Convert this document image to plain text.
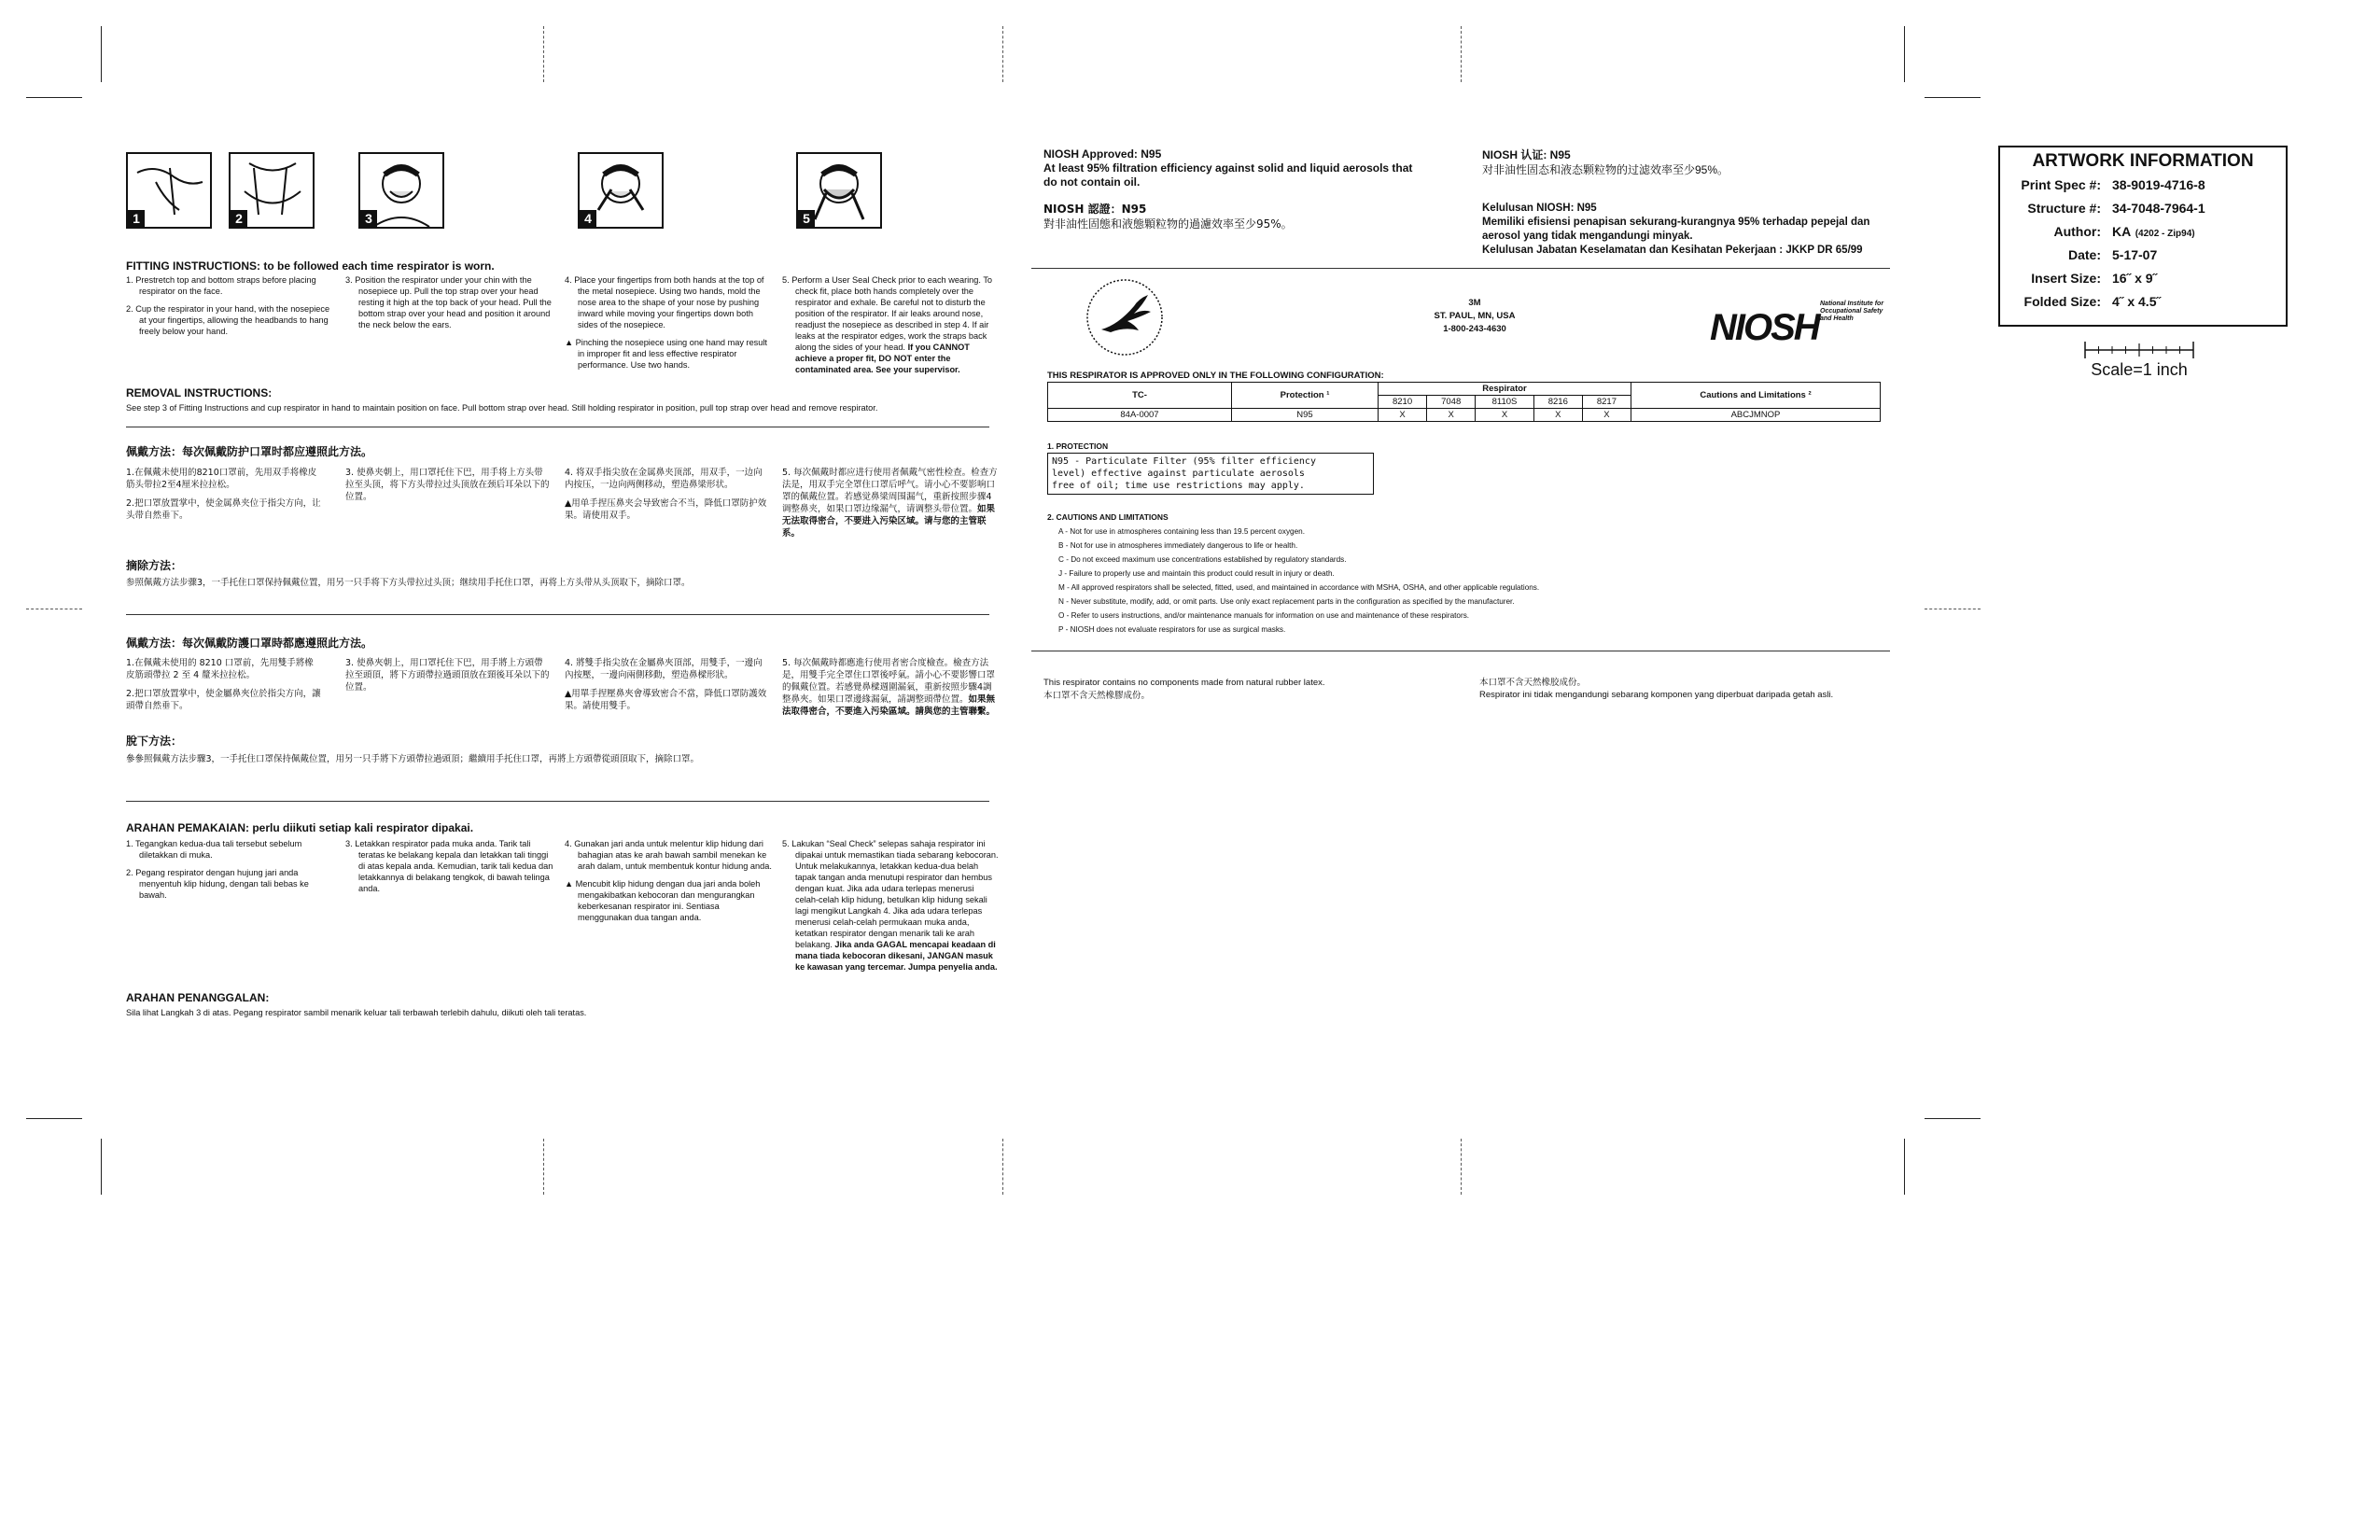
1	2	3	4	5
FITTING INSTRUCTIONS: to be followed each time respirator is worn.

1. Prestretch top and bottom straps before placing respirator on the face.

2. Cup the respirator in your hand, with the nosepiece at your fingertips, allowing the headbands to hang freely below your hand.

3. Position the respirator under your chin with the nosepiece up. Pull the top strap over your head resting it high at the top back of your head. Pull the bottom strap over your head and position it around the neck below the ears.

4. Place your fingertips from both hands at the top of the metal nosepiece. Using two hands, mold the nose area to the shape of your nose by pushing inward while moving your fingertips down both sides of the nosepiece.

▲ Pinching the nosepiece using one hand may result in improper fit and less effective respirator performance. Use two hands.

5. Perform a User Seal Check prior to each wearing. To check fit, place both hands completely over the respirator and exhale. Be careful not to disturb the position of the respirator. If air leaks around nose, readjust the nosepiece as described in step 4. If air leaks at the respirator edges, work the straps back along the sides of your head. If you CANNOT achieve a proper fit, DO NOT enter the contaminated area. See your supervisor.

REMOVAL INSTRUCTIONS:
See step 3 of Fitting Instructions and cup respirator in hand to maintain position on face. Pull bottom strap over head. Still holding respirator in position, pull top strap over head and remove respirator.
佩戴方法：每次佩戴防护口罩时都应遵照此方法。

1.在佩戴未使用的8210口罩前，先用双手将橡皮筋头带拉2至4厘米拉拉松。

2.把口罩放置掌中，使金属鼻夹位于指尖方向，让头带自然垂下。

3. 使鼻夹朝上，用口罩托住下巴，用手将上方头带拉至头顶，将下方头带拉过头顶放在颈后耳朵以下的位置。

4. 将双手指尖放在金属鼻夹顶部，用双手，一边向内按压，一边向两侧移动，塑造鼻梁形状。

▲用单手捏压鼻夹会导致密合不当，降低口罩防护效果。请使用双手。

5. 每次佩戴时都应进行使用者佩戴气密性检查。检查方法是，用双手完全罩住口罩后呼气。请小心不要影响口罩的佩戴位置。若感觉鼻梁周围漏气，重新按照步骤4调整鼻夹，如果口罩边缘漏气，请调整头带位置。如果无法取得密合，不要进入污染区域。请与您的主管联系。

摘除方法：
参照佩戴方法步骤3，一手托住口罩保持佩戴位置，用另一只手将下方头带拉过头顶；继续用手托住口罩，再将上方头带从头顶取下，摘除口罩。
佩戴方法：每次佩戴防護口罩時都應遵照此方法。

1.在佩戴未使用的 8210 口罩前，先用雙手將橡皮筋頭帶拉 2 至 4 釐米拉拉松。

2.把口罩放置掌中，使金屬鼻夾位於指尖方向，讓頭帶自然垂下。

3. 使鼻夾朝上，用口罩托住下巴，用手將上方頭帶拉至頭頂，將下方頭帶拉過頭頂放在頸後耳朵以下的位置。

4. 將雙手指尖放在金屬鼻夾頂部，用雙手，一邊向內按壓，一邊向兩側移動，塑造鼻樑形狀。

▲用單手捏壓鼻夾會導致密合不當，降低口罩防護效果。請使用雙手。

5. 每次佩戴時都應進行使用者密合度檢查。檢查方法是，用雙手完全罩住口罩後呼氣。請小心不要影響口罩的佩戴位置。若感覺鼻樑週圍漏氣，重新按照步驟4調整鼻夾。如果口罩邊緣漏氣，請調整頭帶位置。如果無法取得密合，不要進入污染區域。請與您的主管聯繫。

脫下方法：
參參照佩戴方法步驟3，一手托住口罩保持佩戴位置，用另一只手將下方頭帶拉過頭頂；繼續用手托住口罩，再將上方頭帶從頭頂取下，摘除口罩。
ARAHAN PEMAKAIAN: perlu diikuti setiap kali respirator dipakai.

1. Tegangkan kedua-dua tali tersebut sebelum diletakkan di muka.

2. Pegang respirator dengan hujung jari anda menyentuh klip hidung, dengan tali bebas ke bawah.

3. Letakkan respirator pada muka anda. Tarik tali teratas ke belakang kepala dan letakkan tali tinggi di atas kepala anda. Kemudian, tarik tali kedua dan letakkannya di belakang tengkok, di bawah telinga anda.

4. Gunakan jari anda untuk melentur klip hidung dari bahagian atas ke arah bawah sambil menekan ke arah dalam, untuk membentuk kontur hidung anda.

▲ Mencubit klip hidung dengan dua jari anda boleh mengakibatkan kebocoran dan mengurangkan keberkesanan respirator ini. Sentiasa menggunakan dua tangan anda.

5. Lakukan “Seal Check” selepas sahaja respirator ini dipakai untuk memastikan tiada sebarang kebocoran. Untuk melakukannya, letakkan kedua-dua belah tapak tangan anda menutupi respirator dan hembus dengan kuat. Jika ada udara terlepas menerusi celah-celah klip hidung, betulkan klip hidung sekali lagi mengikut Langkah 4. Jika ada udara terlepas menerusi celah-celah permukaan muka anda, ketatkan respirator dengan menarik tali ke arah belakang. Jika anda GAGAL mencapai keadaan di mana tiada kebocoran dikesani, JANGAN masuk ke kawasan yang tercemar. Jumpa penyelia anda.

ARAHAN PENANGGALAN:
Sila lihat Langkah 3 di atas. Pegang respirator sambil menarik keluar tali terbawah terlebih dahulu, diikuti oleh tali teratas.
NIOSH Approved: N95
At least 95% filtration efficiency against solid and liquid aerosols that do not contain oil.
NIOSH 認證：N95
對非油性固態和液態顆粒物的過濾效率至少95%。
NIOSH 认证: N95
对非油性固态和液态颗粒物的过滤效率至少95%。
Kelulusan NIOSH: N95
Memiliki efisiensi penapisan sekurang-kurangnya 95% terhadap pepejal dan aerosol yang tidak mengandungi minyak.
Kelulusan Jabatan Keselamatan dan Kesihatan Pekerjaan : JKKP DR 65/99
3M
ST. PAUL, MN, USA
1-800-243-4630	NIOSH
National Institute for Occupational Safety and Health
THIS RESPIRATOR IS APPROVED ONLY IN THE FOLLOWING CONFIGURATION:
TC-	Protection ¹	Respirator					Cautions and Limitations ²
		8210	7048	8110S	8216	8217	
84A-0007	N95	X	X	X	X	X	ABCJMNOP
1. PROTECTION
N95 - Particulate Filter (95% filter efficiency
level) effective against particulate aerosols
free of oil; time use restrictions may apply.
2. CAUTIONS AND LIMITATIONS
A - Not for use in atmospheres containing less than 19.5 percent oxygen.
B - Not for use in atmospheres immediately dangerous to life or health.
C - Do not exceed maximum use concentrations established by regulatory standards.
J - Failure to properly use and maintain this product could result in injury or death.
M - All approved respirators shall be selected, fitted, used, and maintained in accordance with MSHA, OSHA, and other applicable regulations.
N - Never substitute, modify, add, or omit parts. Use only exact replacement parts in the configuration as specified by the manufacturer.
O - Refer to users instructions, and/or maintenance manuals for information on use and maintenance of these respirators.
P - NIOSH does not evaluate respirators for use as surgical masks.
This respirator contains no components made from natural rubber latex.
本口罩不含天然橡膠成份。
本口罩不含天然橡胶成份。
Respirator ini tidak mengandungi sebarang komponen yang diperbuat daripada getah asli.
ARTWORK INFORMATION
Print Spec #: 38-9019-4716-8
Structure #: 34-7048-7964-1
Author: KA
(4202 - Zip94)
Date: 5-17-07
Insert Size: 16˝ x 9˝
Folded Size: 4˝ x 4.5˝
Scale=1 inch
